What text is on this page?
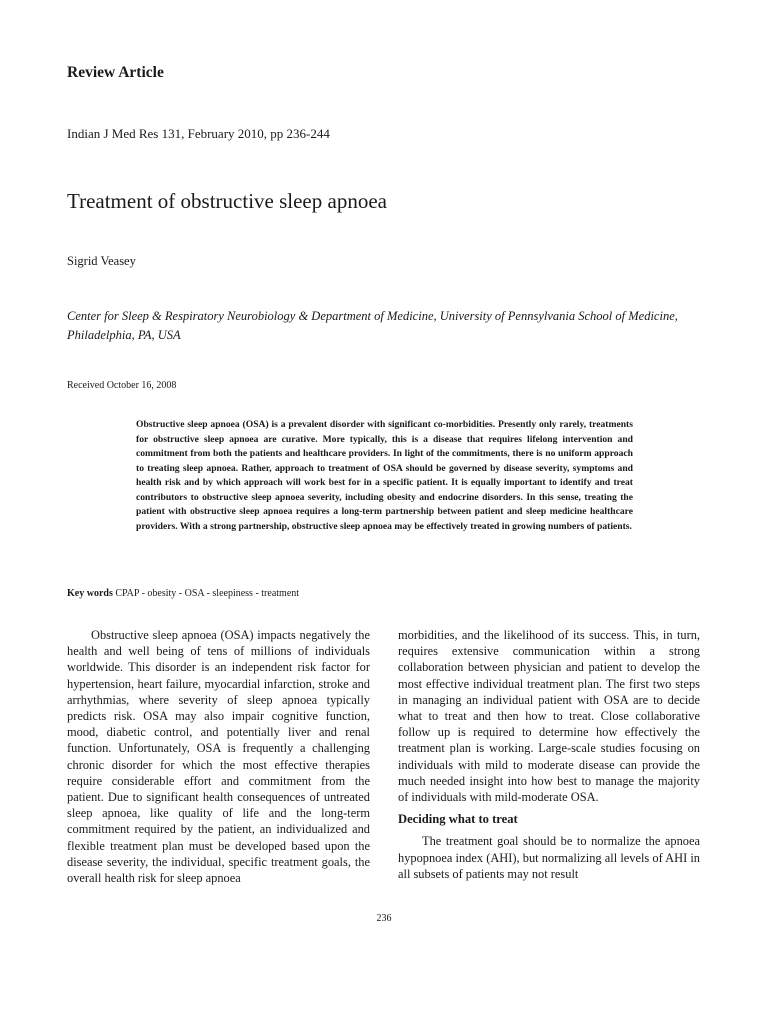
Review Article
Indian J Med Res 131, February 2010, pp 236-244
Treatment of obstructive sleep apnoea
Sigrid Veasey
Center for Sleep & Respiratory Neurobiology & Department of Medicine, University of Pennsylvania School of Medicine, Philadelphia, PA, USA
Received October 16, 2008

Obstructive sleep apnoea (OSA) is a prevalent disorder with significant co-morbidities. Presently only rarely, treatments for obstructive sleep apnoea are curative. More typically, this is a disease that requires lifelong intervention and commitment from both the patients and healthcare providers. In light of the commitments, there is no uniform approach to treating sleep apnoea. Rather, approach to treatment of OSA should be governed by disease severity, symptoms and health risk and by which approach will work best for in a specific patient. It is equally important to identify and treat contributors to obstructive sleep apnoea severity, including obesity and endocrine disorders. In this sense, treating the patient with obstructive sleep apnoea requires a long-term partnership between patient and sleep medicine healthcare providers. With a strong partnership, obstructive sleep apnoea may be effectively treated in growing numbers of patients.

Key words CPAP - obesity - OSA - sleepiness - treatment

Obstructive sleep apnoea (OSA) impacts negatively the health and well being of tens of millions of individuals worldwide. This disorder is an independent risk factor for hypertension, heart failure, myocardial infarction, stroke and arrhythmias, where severity of sleep apnoea typically predicts risk. OSA may also impair cognitive function, mood, diabetic control, and potentially liver and renal function. Unfortunately, OSA is frequently a challenging chronic disorder for which the most effective therapies require considerable effort and commitment from the patient. Due to significant health consequences of untreated sleep apnoea, like quality of life and the long-term commitment required by the patient, an individualized and flexible treatment plan must be developed based upon the disease severity, the individual, specific treatment goals, the overall health risk for sleep apnoea

morbidities, and the likelihood of its success. This, in turn, requires extensive communication within a strong collaboration between physician and patient to develop the most effective individual treatment plan. The first two steps in managing an individual patient with OSA are to decide what to treat and then how to treat. Close collaborative follow up is required to determine how effectively the treatment plan is working. Large-scale studies focusing on individuals with mild to moderate disease can provide the much needed insight into how best to manage the majority of individuals with mild-moderate OSA.

Deciding what to treat

The treatment goal should be to normalize the apnoea hypopnoea index (AHI), but normalizing all levels of AHI in all subsets of patients may not result

236
